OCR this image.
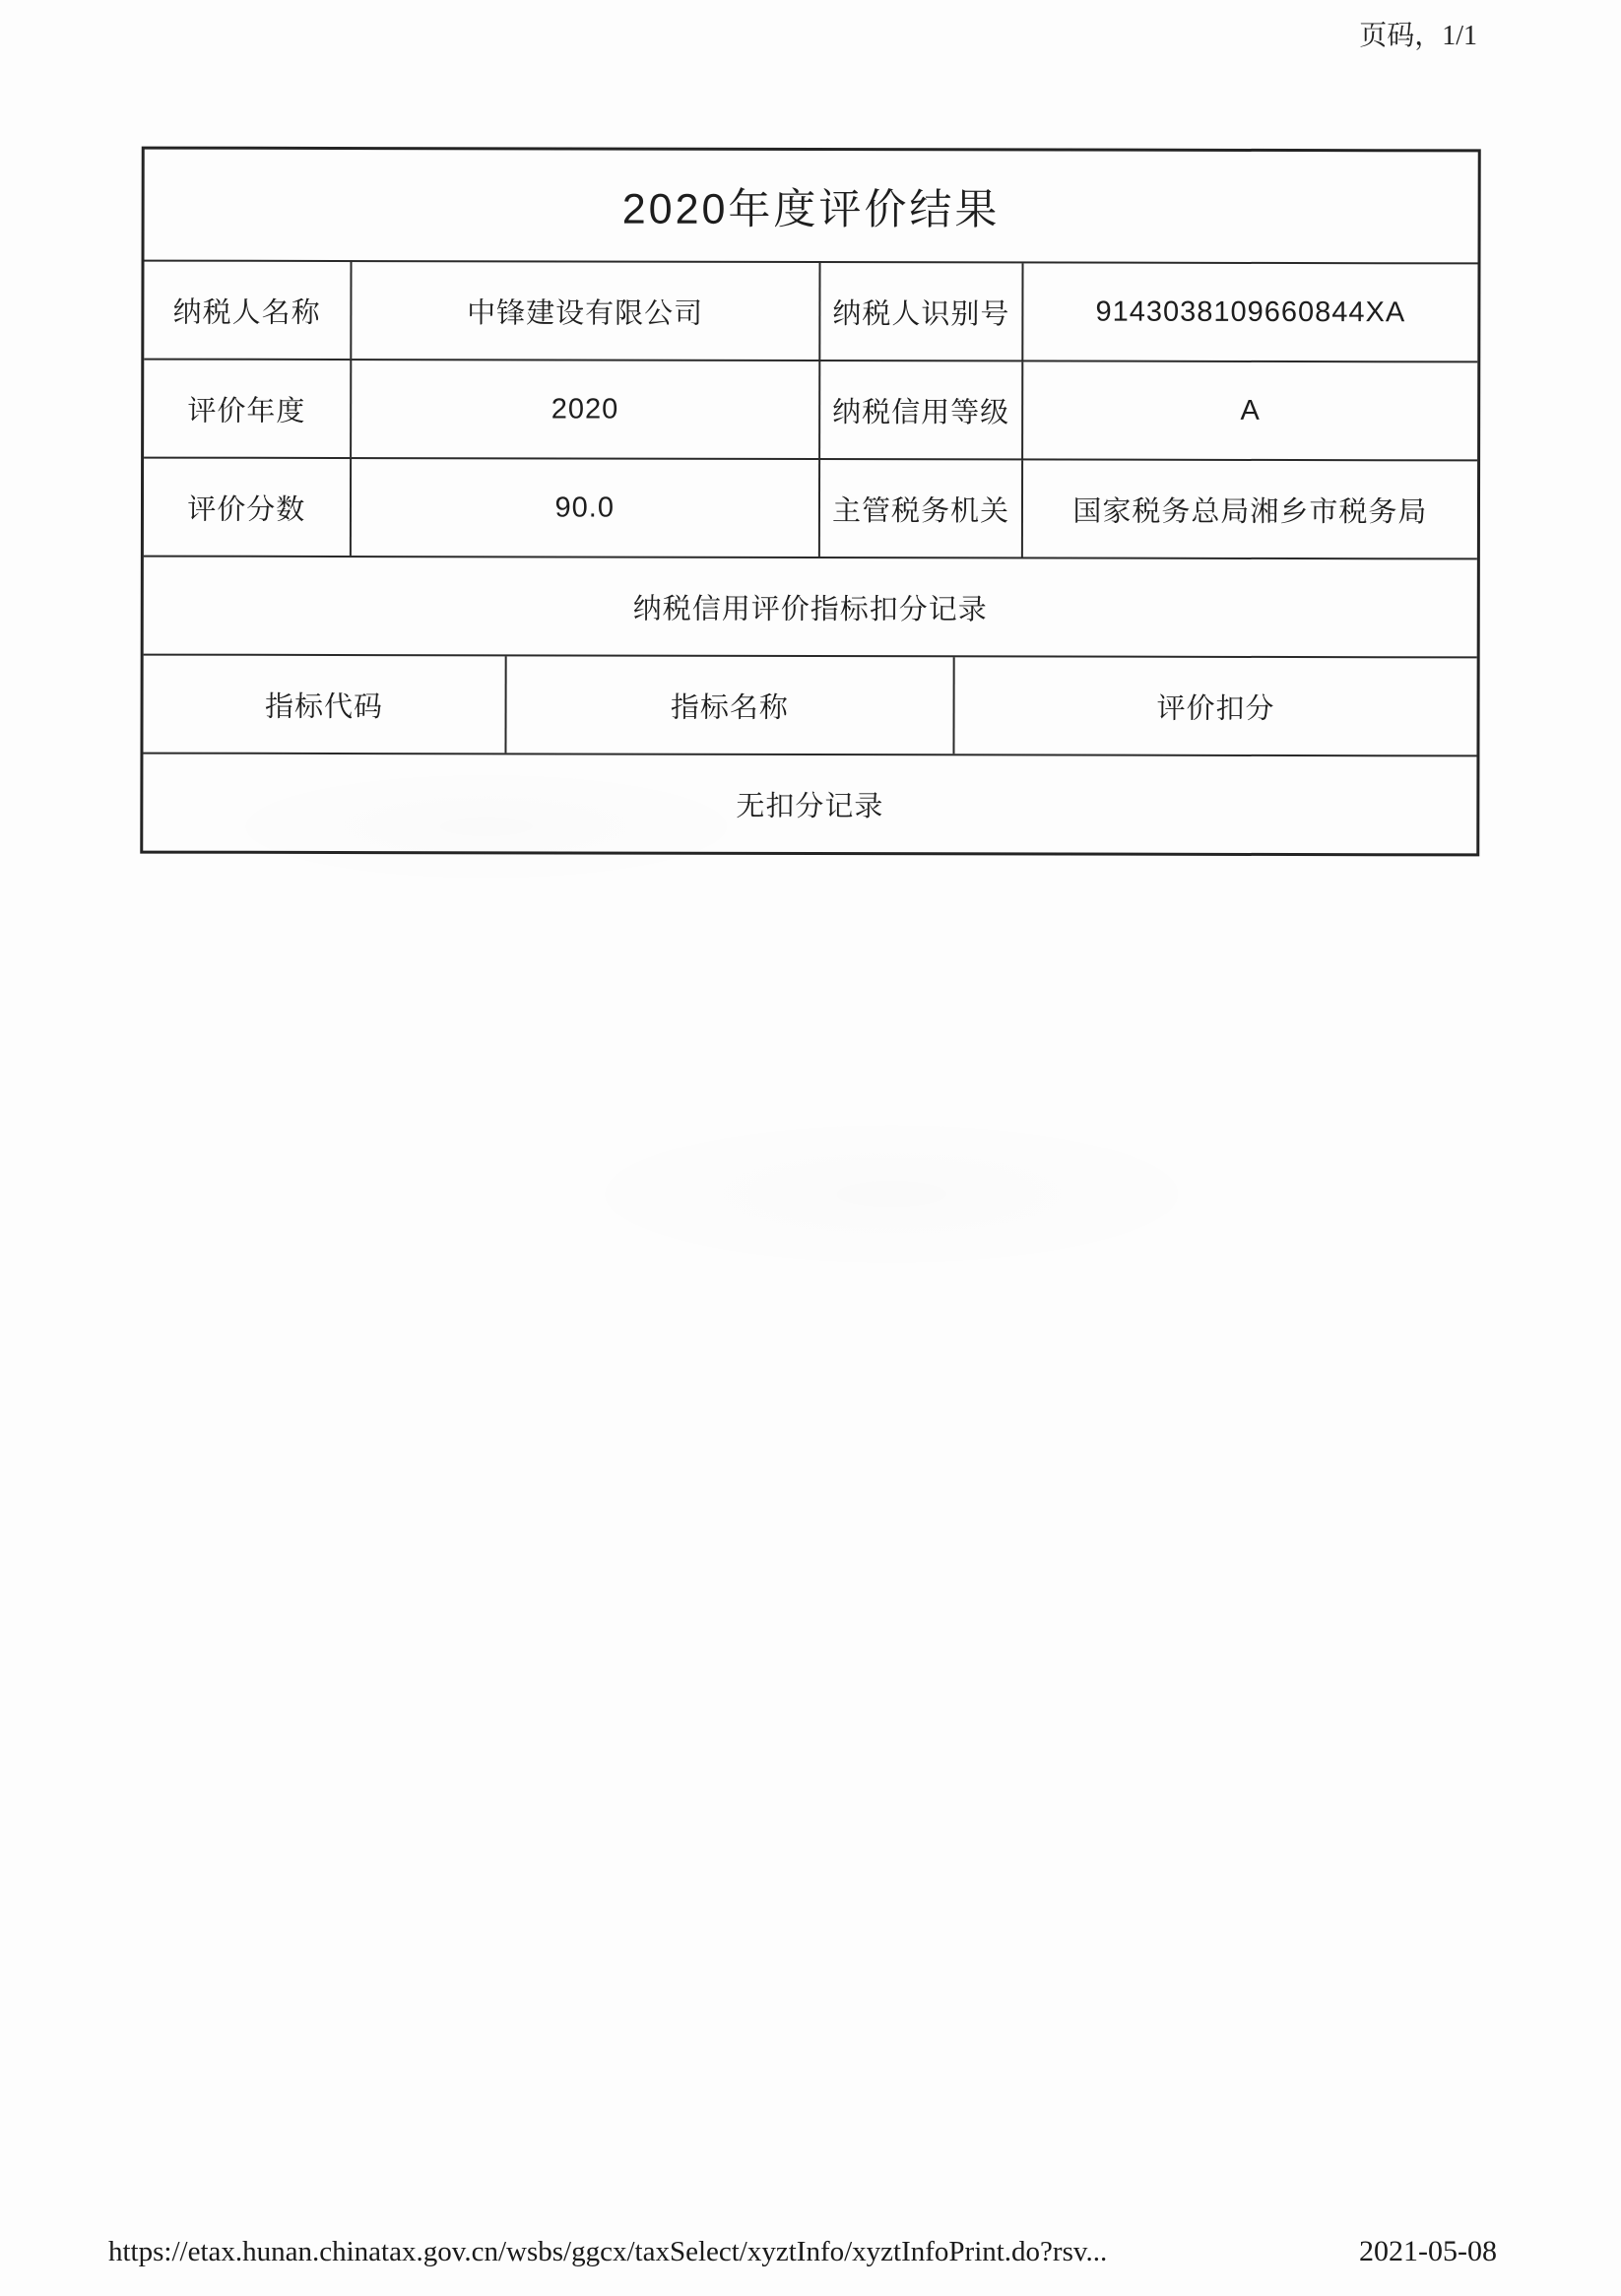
页码，1/1
2020年度评价结果
纳税人名称	中锋建设有限公司	纳税人识别号	9143038109660844XA
评价年度	2020	纳税信用等级	A
评价分数	90.0	主管税务机关	国家税务总局湘乡市税务局
纳税信用评价指标扣分记录
指标代码	指标名称	评价扣分
无扣分记录
https://etax.hunan.chinatax.gov.cn/wsbs/ggcx/taxSelect/xyztInfo/xyztInfoPrint.do?rsv...	2021-05-08
